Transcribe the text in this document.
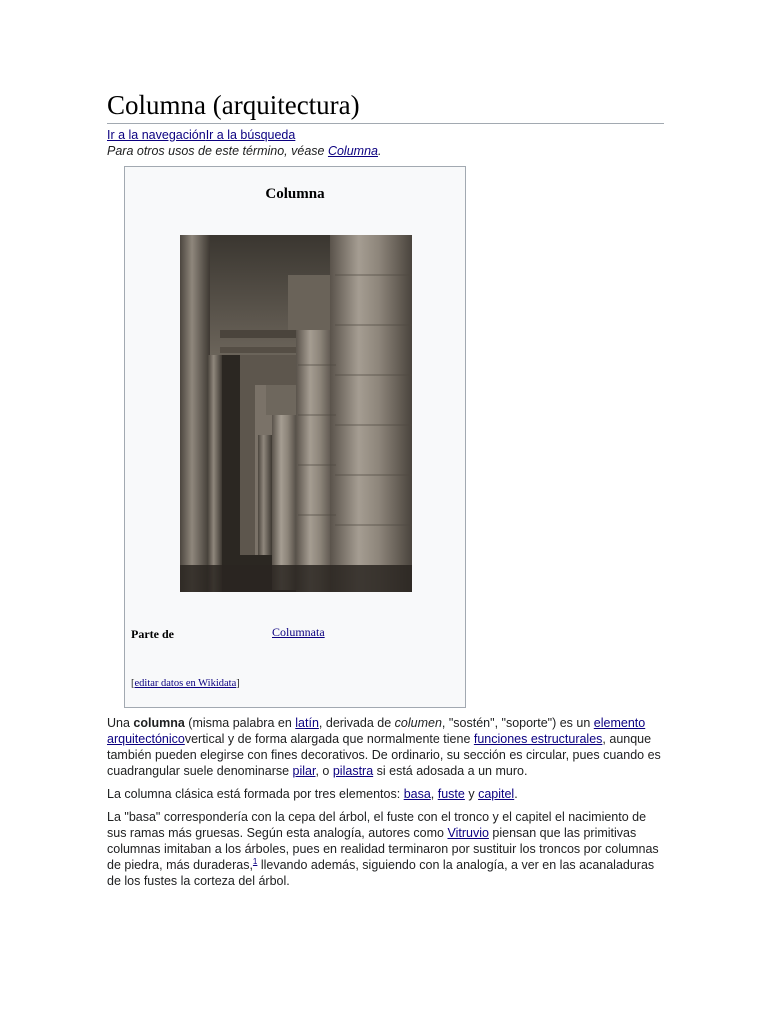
Columna (arquitectura)
Ir a la navegaciónIr a la búsqueda
Para otros usos de este término, véase Columna.
Columna
Parte de	Columnata
[editar datos en Wikidata]

Una columna (misma palabra en latín, derivada de columen, "sostén", "soporte") es un elemento arquitectónicovertical y de forma alargada que normalmente tiene funciones estructurales, aunque también pueden elegirse con fines decorativos. De ordinario, su sección es circular, pues cuando es cuadrangular suele denominarse pilar, o pilastra si está adosada a un muro.

La columna clásica está formada por tres elementos: basa, fuste y capitel.

La "basa" correspondería con la cepa del árbol, el fuste con el tronco y el capitel el nacimiento de sus ramas más gruesas. Según esta analogía, autores como Vitruvio piensan que las primitivas columnas imitaban a los árboles, pues en realidad terminaron por sustituir los troncos por columnas de piedra, más duraderas,$^1$ llevando además, siguiendo con la analogía, a ver en las acanaladuras de los fustes la corteza del árbol.
